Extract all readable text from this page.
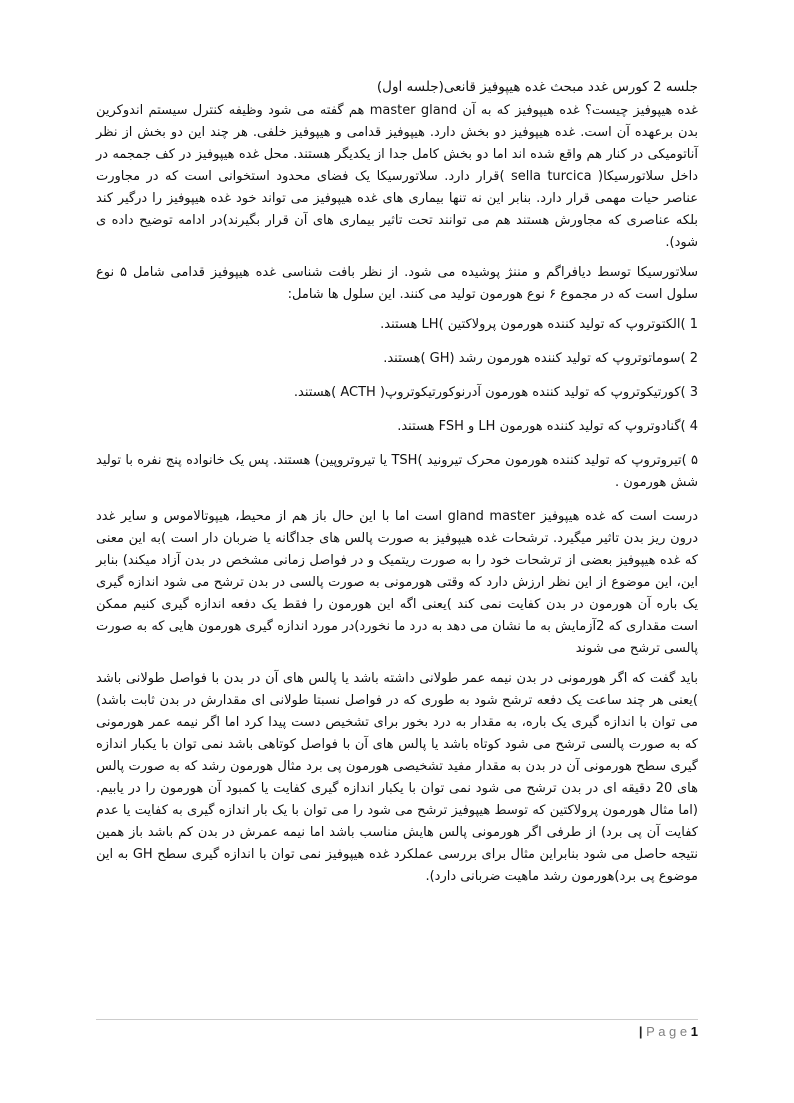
جلسه 2 کورس غدد مبحث غده هیپوفیز قانعی(جلسه اول)

غده هیپوفیز چیست؟ غده هیپوفیز که به آن master gland هم گفته می شود وظیفه کنترل سیستم اندوکرین بدن برعهده آن است. غده هیپوفیز دو بخش دارد. هیپوفیز قدامی و هیپوفیز خلفی. هر چند این دو بخش از نظر آناتومیکی در کنار هم واقع شده اند اما دو بخش کامل جدا از یکدیگر هستند. محل غده هیپوفیز در کف جمجمه در داخل سلاتورسیکا( sella turcica )قرار دارد. سلاتورسیکا یک فضای محدود استخوانی است که در مجاورت عناصر حیات مهمی قرار دارد. بنابر این نه تنها بیماری های غده هیپوفیز می تواند خود غده هیپوفیز را درگیر کند بلکه عناصری که مجاورش هستند هم می توانند تحت تاثیر بیماری های آن قرار بگیرند)در ادامه توضیح داده ی شود).

سلاتورسیکا توسط دیافراگم و مننژ پوشیده می شود. از نظر بافت شناسی غده هیپوفیز قدامی شامل ۵ نوع سلول است که در مجموع ۶ نوع هورمون تولید می کنند. این سلول ها شامل:

1 )الکتوتروپ که تولید کننده هورمون پرولاکتین )LH هستند.

2 )سوماتوتروپ که تولید کننده هورمون رشد (GH )هستند.

3 )کورتیکوتروپ که تولید کننده هورمون آدرنوکورتیکوتروپ( ACTH )هستند.

4 )گنادوتروپ که تولید کننده هورمون LH و FSH هستند.

۵ )تیروتروپ که تولید کننده هورمون محرک تیرونید )TSH یا تیروتروپین) هستند. پس یک خانواده پنج نفره با تولید شش هورمون .

درست است که غده هیپوفیز gland master است اما با این حال باز هم از محیط، هیپوتالاموس و سایر غدد درون ریز بدن تاثیر میگیرد. ترشحات غده هیپوفیز به صورت پالس های جداگانه یا ضربان دار است )به این معنی که غده هیپوفیز بعضی از ترشحات خود را به صورت ریتمیک و در فواصل زمانی مشخص در بدن آزاد میکند) بنابر این، این موضوع از این نظر ارزش دارد که وقتی هورمونی به صورت پالسی در بدن ترشح می شود اندازه گیری یک باره آن هورمون در بدن کفایت نمی کند )یعنی اگه این هورمون را فقط یک دفعه اندازه گیری کنیم ممکن است مقداری که 2آزمایش به ما نشان می دهد به درد ما نخورد)در مورد اندازه گیری هورمون هایی که به صورت پالسی ترشح می شوند

باید گفت که اگر هورمونی در بدن نیمه عمر طولانی داشته باشد یا پالس های آن در بدن با فواصل طولانی باشد )یعنی هر چند ساعت یک دفعه ترشح شود به طوری که در فواصل نسبتا طولانی ای مقدارش در بدن ثابت باشد) می توان با اندازه گیری یک باره، به مقدار به درد بخور برای تشخیص دست پیدا کرد اما اگر نیمه عمر هورمونی که به صورت پالسی ترشح می شود کوتاه باشد یا پالس های آن با فواصل کوتاهی باشد نمی توان با یکبار اندازه گیری سطح هورمونی آن در بدن به مقدار مفید تشخیصی هورمون پی برد مثال هورمون رشد که به صورت پالس های 20 دقیقه ای در بدن ترشح می شود نمی توان با یکبار اندازه گیری کفایت یا کمبود آن هورمون را در یابیم. (اما مثال هورمون پرولاکتین که توسط هیپوفیز ترشح می شود را می توان با یک بار اندازه گیری به کفایت یا عدم کفایت آن پی برد) از طرفی اگر هورمونی پالس هایش مناسب باشد اما نیمه عمرش در بدن کم باشد باز همین نتیجه حاصل می شود بنابراین مثال برای بررسی عملکرد غده هیپوفیز نمی توان با اندازه گیری سطح GH به این موضوع پی برد)هورمون رشد ماهیت ضربانی دارد).

| P a g e 1
